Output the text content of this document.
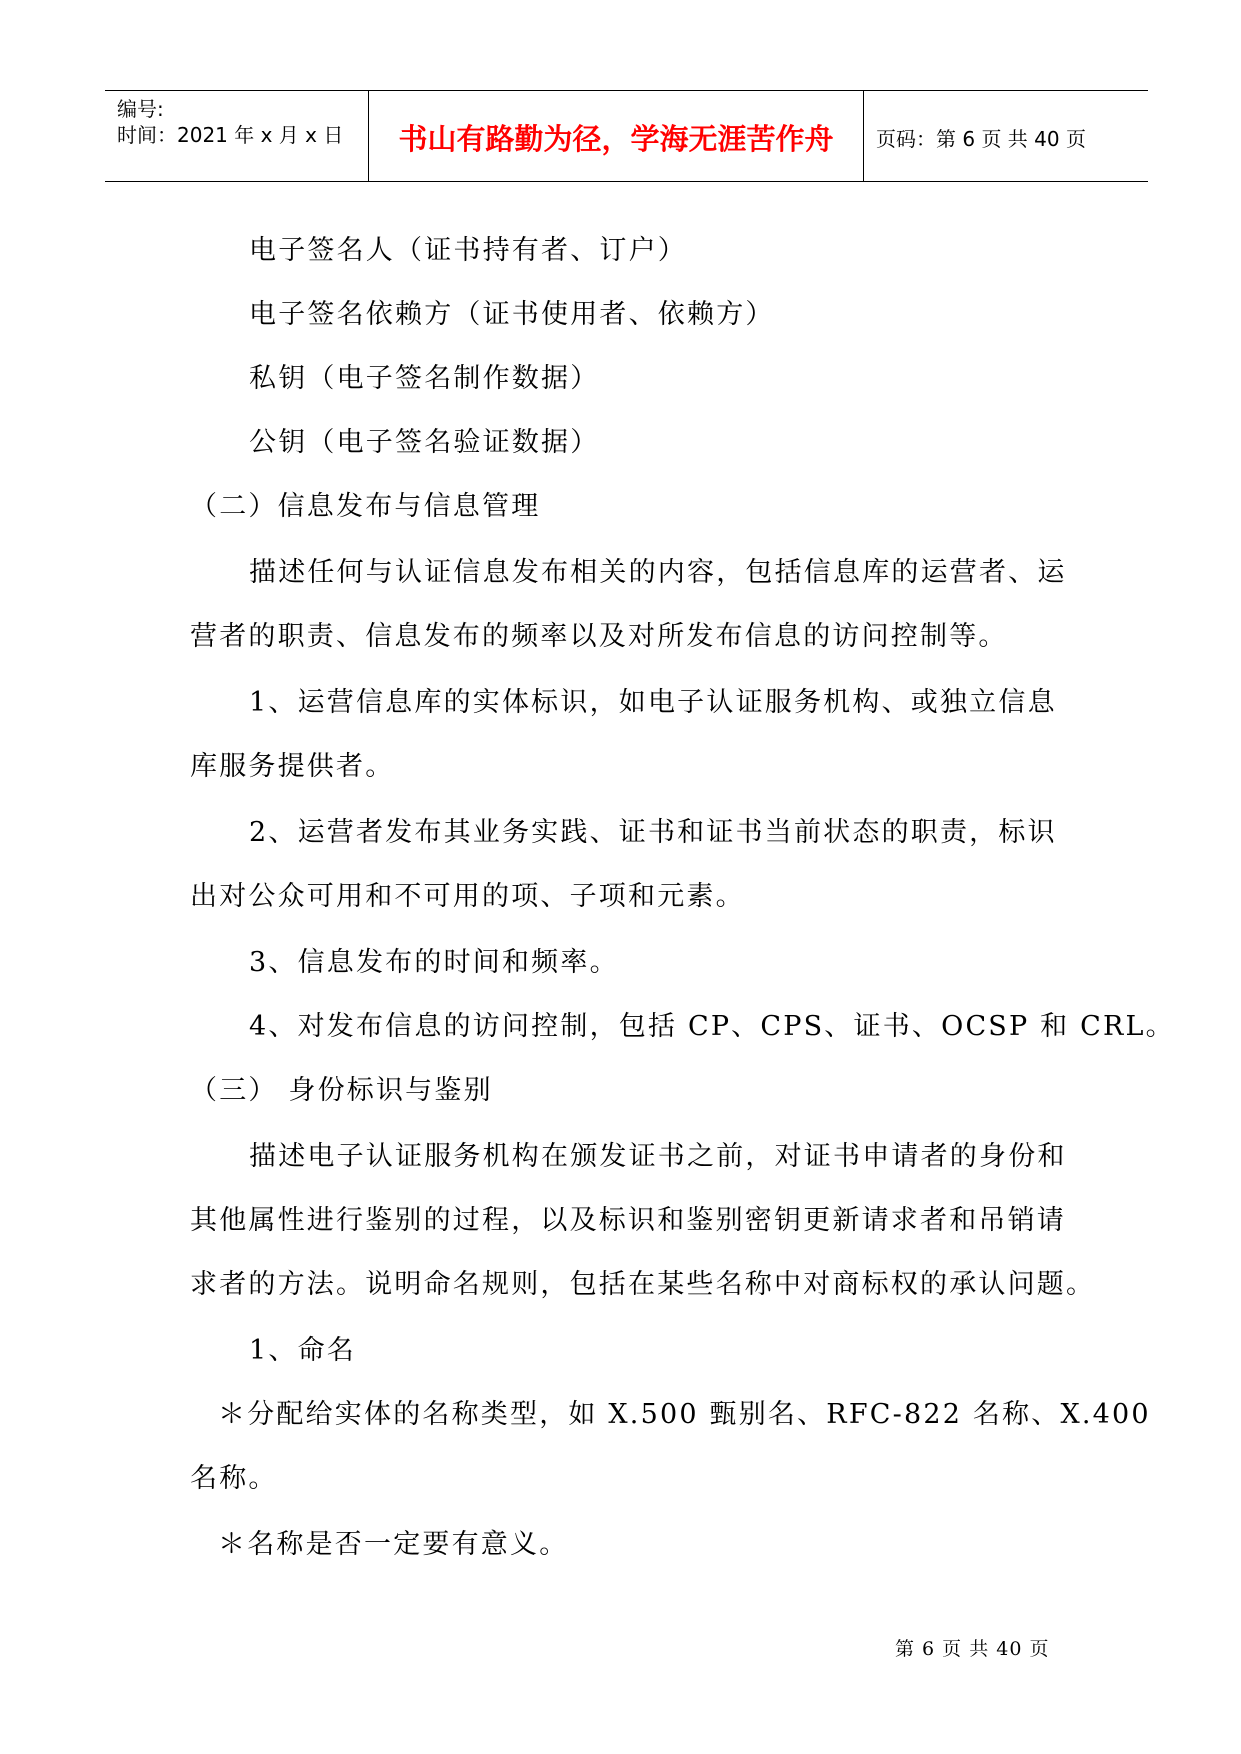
编号:
时间：2021 年 x 月 x 日	书山有路勤为径，学海无涯苦作舟	页码：第 6 页 共 40 页
电子签名人（证书持有者、订户）
电子签名依赖方（证书使用者、依赖方）
私钥（电子签名制作数据）
公钥（电子签名验证数据）
（二）信息发布与信息管理
描述任何与认证信息发布相关的内容，包括信息库的运营者、运
营者的职责、信息发布的频率以及对所发布信息的访问控制等。
1、运营信息库的实体标识，如电子认证服务机构、或独立信息
库服务提供者。
2、运营者发布其业务实践、证书和证书当前状态的职责，标识
出对公众可用和不可用的项、子项和元素。
3、信息发布的时间和频率。
4、对发布信息的访问控制，包括 CP、CPS、证书、OCSP 和 CRL。
（三） 身份标识与鉴别
描述电子认证服务机构在颁发证书之前，对证书申请者的身份和
其他属性进行鉴别的过程，以及标识和鉴别密钥更新请求者和吊销请
求者的方法。说明命名规则，包括在某些名称中对商标权的承认问题。
1、命名
＊分配给实体的名称类型，如 X.500 甄别名、RFC-822 名称、X.400
名称。
＊名称是否一定要有意义。
第 6 页 共 40 页
